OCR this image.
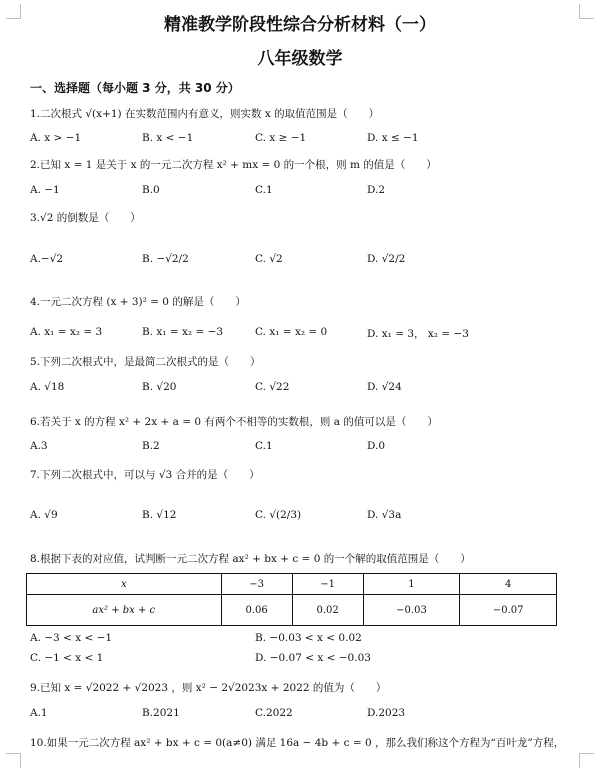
精准教学阶段性综合分析材料（一）
八年级数学
一、选择题（每小题 3 分，共 30 分）
1.二次根式 √(x+1) 在实数范围内有意义，则实数 x 的取值范围是（　　）
A. x > −1	B. x < −1	C. x ≥ −1	D. x ≤ −1
2.已知 x = 1 是关于 x 的一元二次方程 x² + mx = 0 的一个根，则 m 的值是（　　）
A. −1	B.0	C.1	D.2
3.√2 的倒数是（　　）
A.−√2	B. −√2/2	C. √2	D. √2/2
4.一元二次方程 (x + 3)² = 0 的解是（　　）
A. x₁ = x₂ = 3	B. x₁ = x₂ = −3	C. x₁ = x₂ = 0	D. x₁ = 3， x₂ = −3
5.下列二次根式中，是最简二次根式的是（　　）
A. √18	B. √20	C. √22	D. √24
6.若关于 x 的方程 x² + 2x + a = 0 有两个不相等的实数根，则 a 的值可以是（　　）
A.3	B.2	C.1	D.0
7.下列二次根式中，可以与 √3 合并的是（　　）
A. √9	B. √12	C. √(2/3)	D. √3a
8.根据下表的对应值，试判断一元二次方程 ax² + bx + c = 0 的一个解的取值范围是（　　）
x	−3	−1	1	4
ax² + bx + c	0.06	0.02	−0.03	−0.07
A. −3 < x < −1	B. −0.03 < x < 0.02
C. −1 < x < 1	D. −0.07 < x < −0.03
9.已知 x = √2022 + √2023 ，则 x² − 2√2023x + 2022 的值为（　　）
A.1	B.2021	C.2022	D.2023
10.如果一元二次方程 ax² + bx + c = 0(a≠0) 满足 16a − 4b + c = 0 ，那么我们称这个方程为“百叶龙”方程，
